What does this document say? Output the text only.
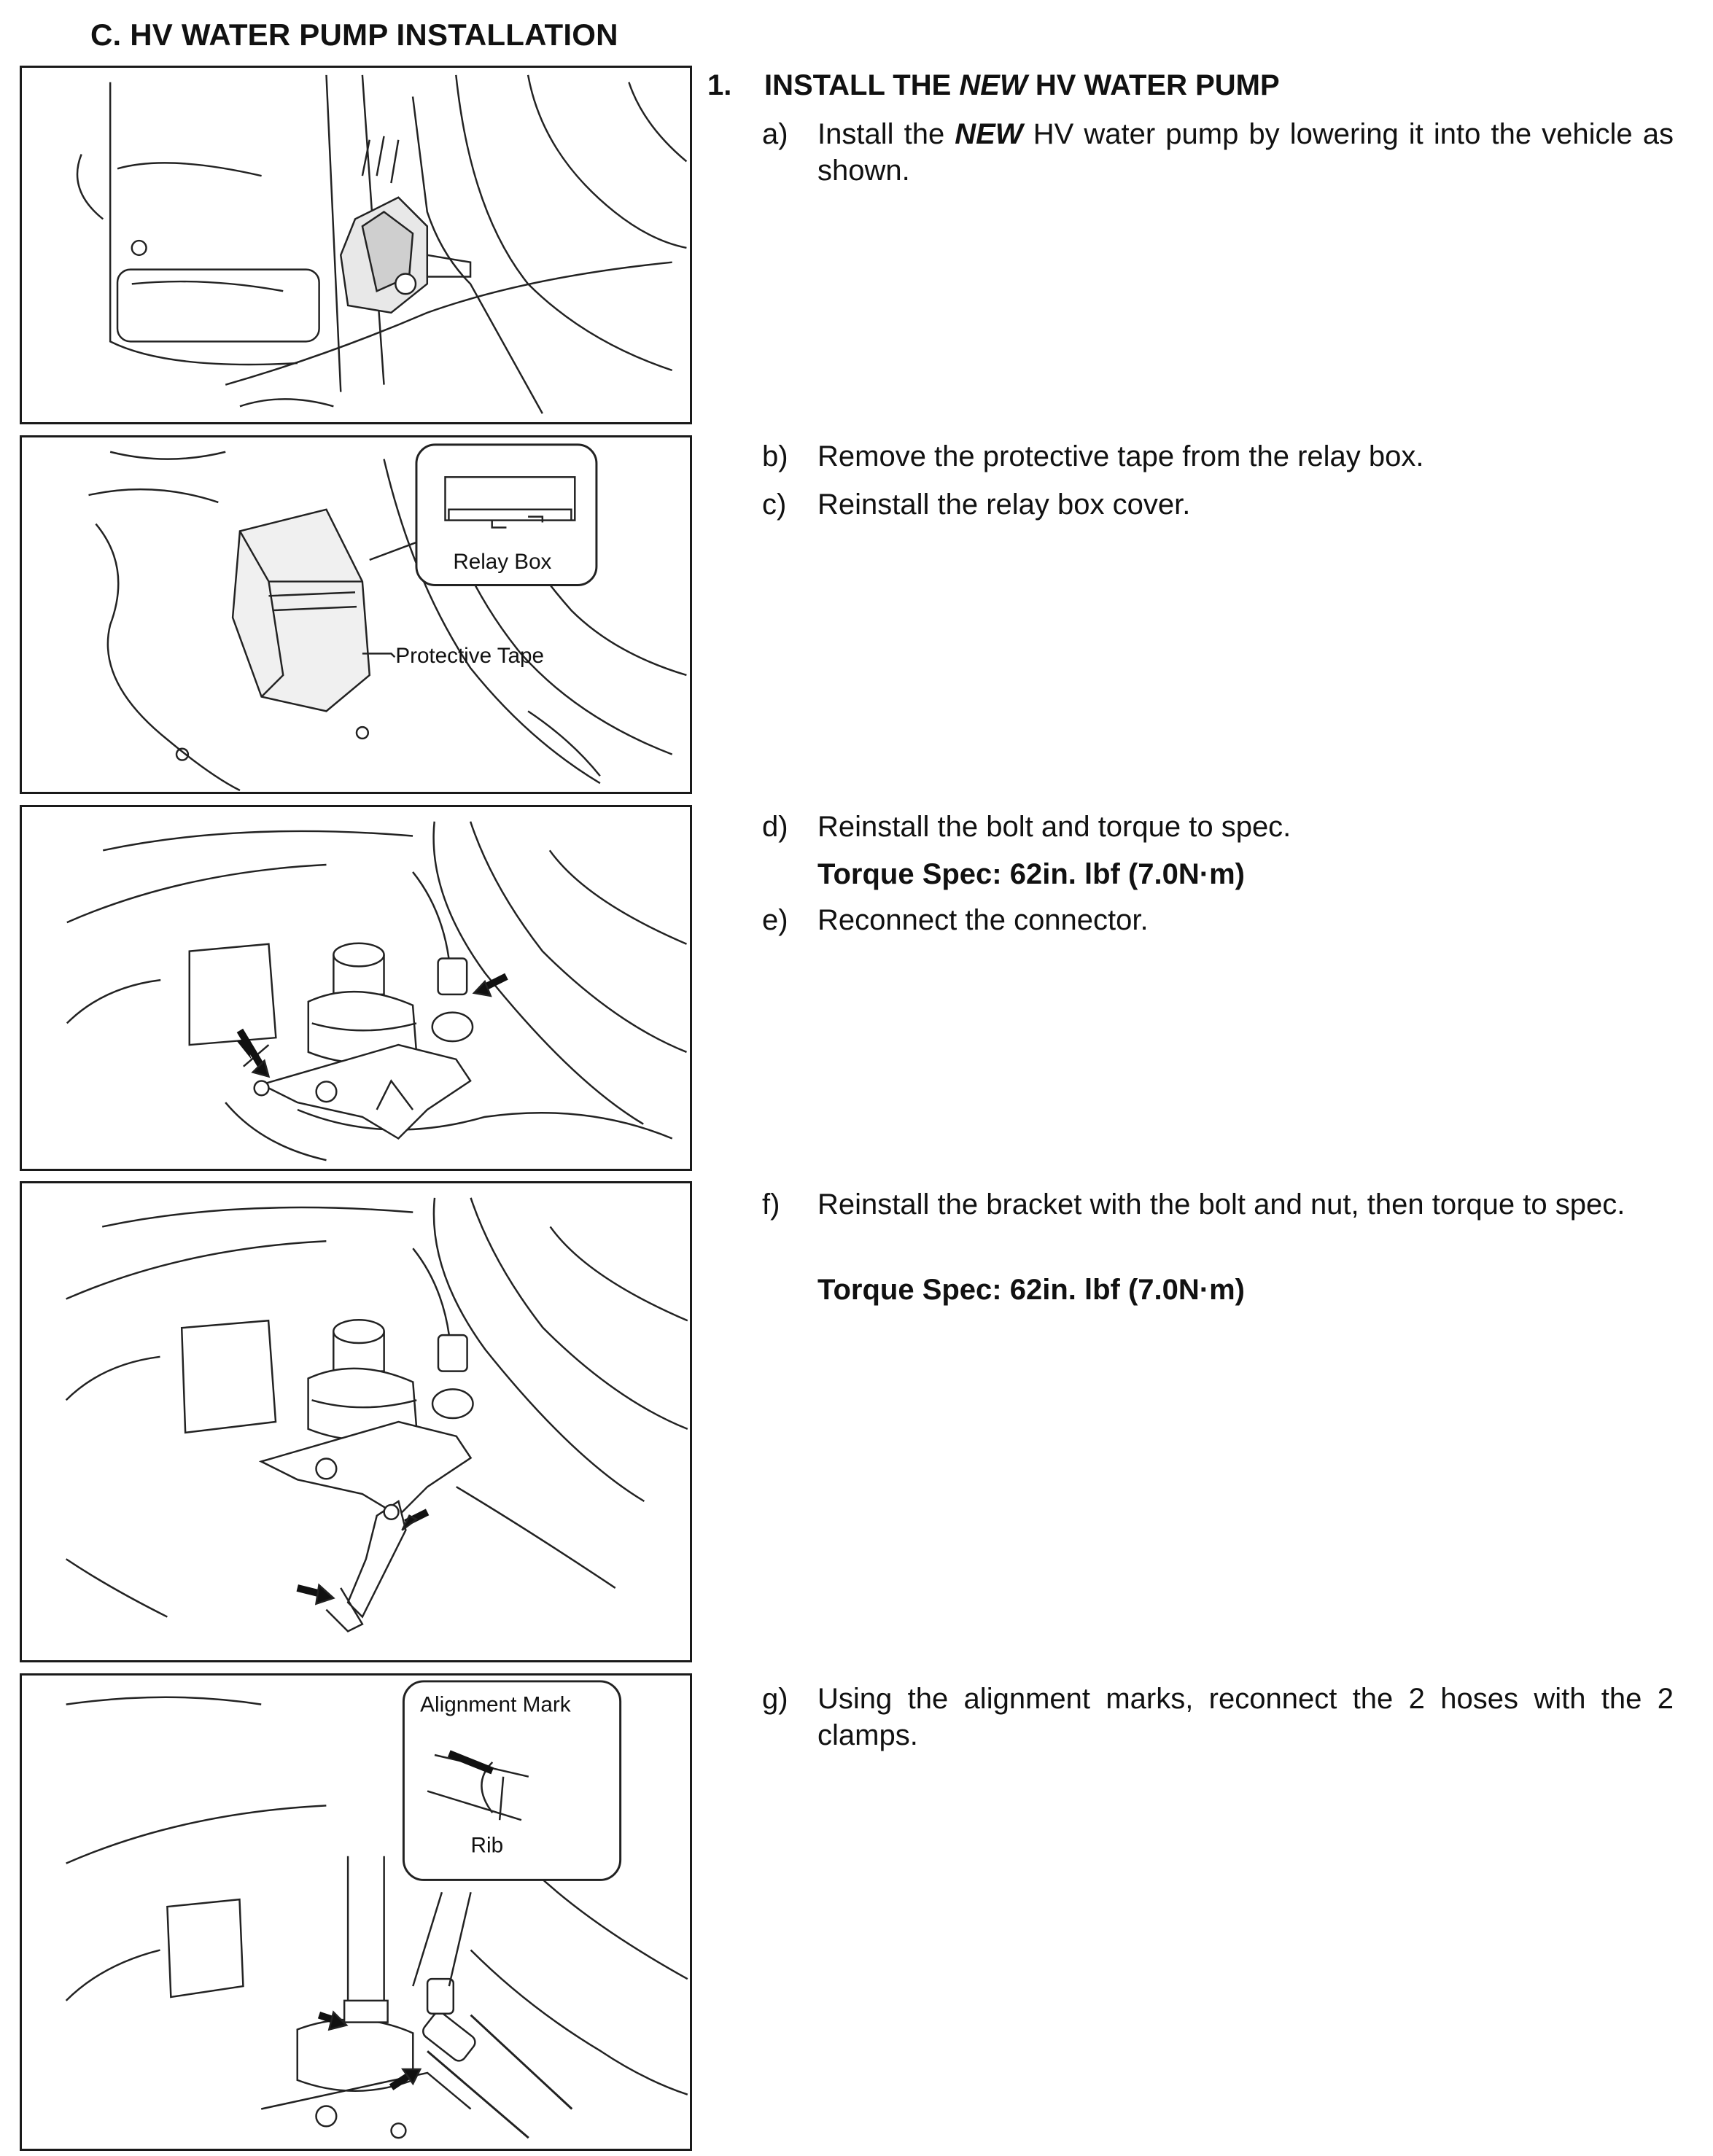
C. HV WATER PUMP INSTALLATION
Relay Box
Protective Tape
Alignment Mark
Rib
1. INSTALL THE NEW HV WATER PUMP
a) Install the NEW HV water pump by lowering it into the vehicle as shown.
b) Remove the protective tape from the relay box.
c) Reinstall the relay box cover.
d) Reinstall the bolt and torque to spec.
Torque Spec: 62in. lbf (7.0N·m)
e) Reconnect the connector.
f) Reinstall the bracket with the bolt and nut, then torque to spec.
Torque Spec: 62in. lbf (7.0N·m)
g) Using the alignment marks, reconnect the 2 hoses with the 2 clamps.
